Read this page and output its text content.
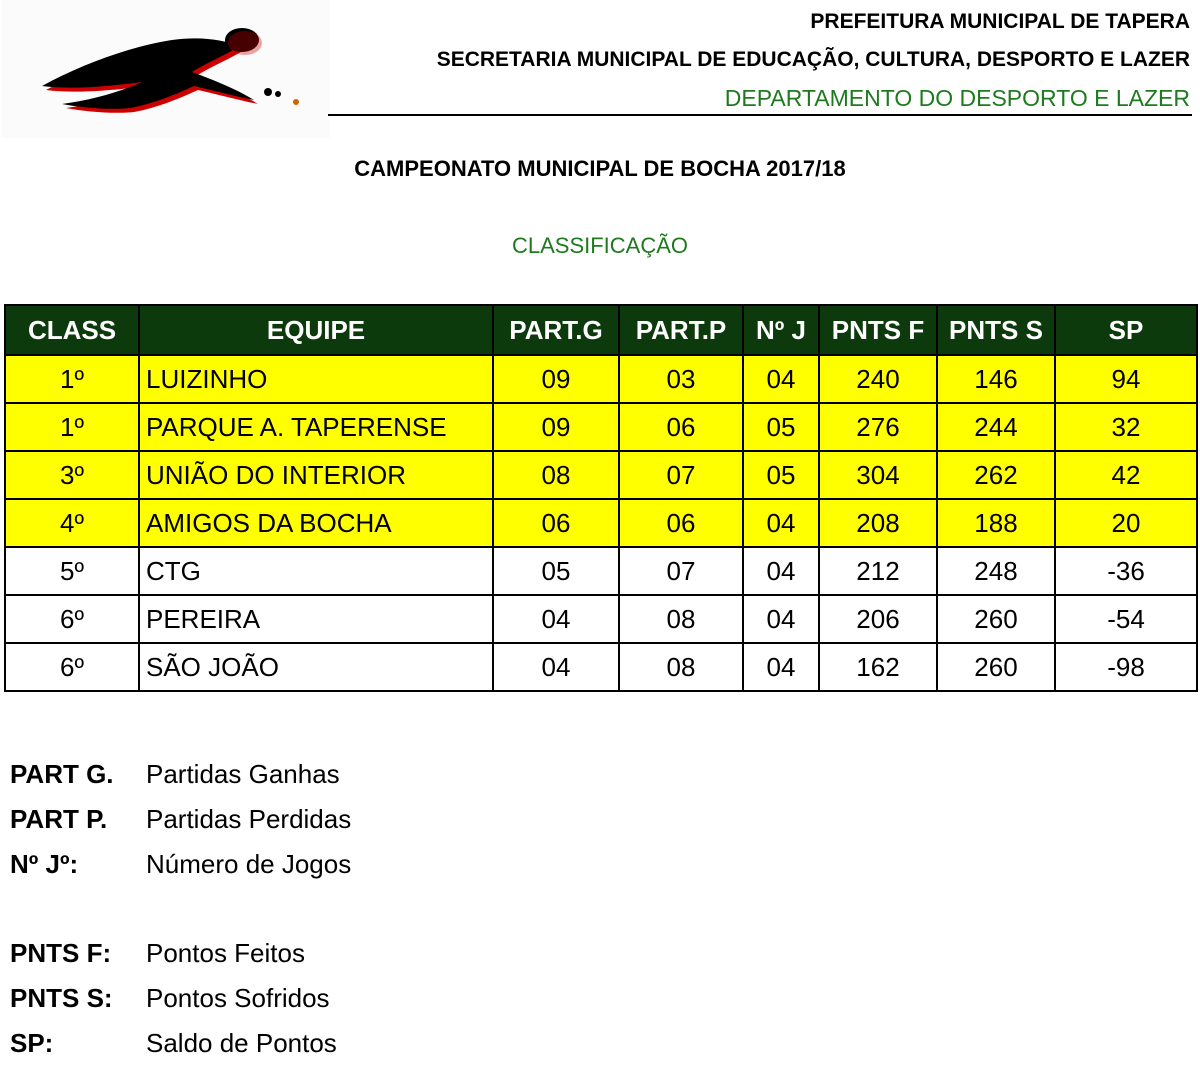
PREFEITURA MUNICIPAL DE TAPERA
SECRETARIA MUNICIPAL DE EDUCAÇÃO, CULTURA, DESPORTO E LAZER
DEPARTAMENTO DO DESPORTO E LAZER
CAMPEONATO MUNICIPAL DE BOCHA 2017/18
CLASSIFICAÇÃO
CLASS	EQUIPE	PART.G	PART.P	Nº J	PNTS F	PNTS S	SP
1º	LUIZINHO	09	03	04	240	146	94
1º	PARQUE A. TAPERENSE	09	06	05	276	244	32
3º	UNIÃO DO INTERIOR	08	07	05	304	262	42
4º	AMIGOS DA BOCHA	06	06	04	208	188	20
5º	CTG	05	07	04	212	248	-36
6º	PEREIRA	04	08	04	206	260	-54
6º	SÃO JOÃO	04	08	04	162	260	-98
PART G. Partidas Ganhas
PART P. Partidas Perdidas
Nº Jº:	Número de Jogos
PNTS F: Pontos Feitos
PNTS S: Pontos Sofridos
SP:	Saldo de Pontos
